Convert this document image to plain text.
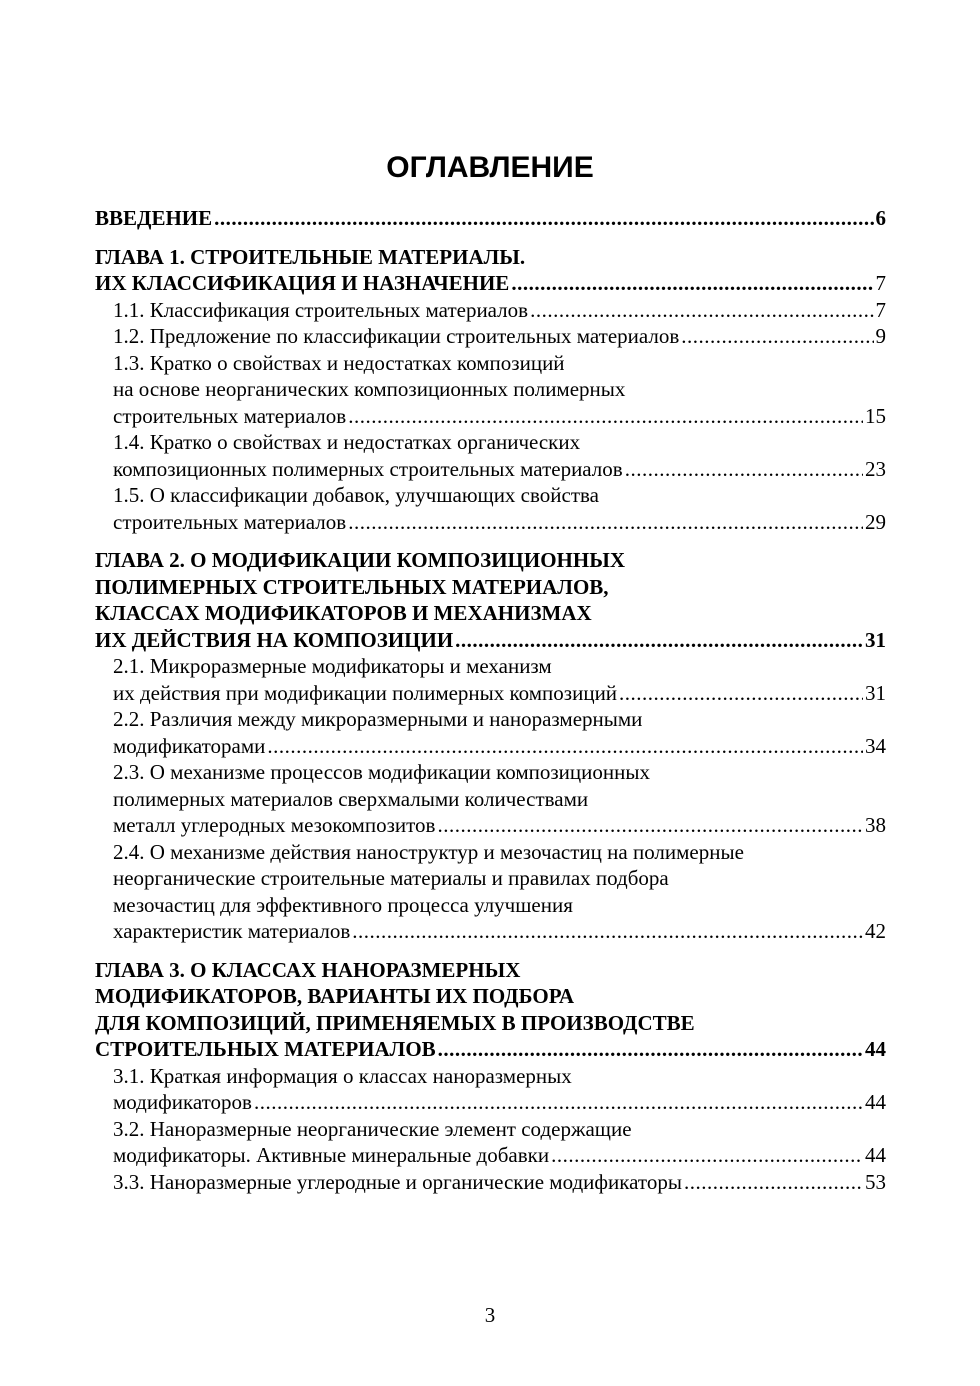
ОГЛАВЛЕНИЕ
ВВЕДЕНИЕ .....	6
ГЛАВА 1. СТРОИТЕЛЬНЫЕ МАТЕРИАЛЫ.
ИХ КЛАССИФИКАЦИЯ И НАЗНАЧЕНИЕ .....	7
1.1. Классификация строительных материалов .....	7
1.2. Предложение по классификации строительных материалов .....	9
1.3. Кратко о свойствах и недостатках композиций
на основе неорганических композиционных полимерных
строительных материалов .....	15
1.4. Кратко о свойствах и недостатках органических
композиционных полимерных строительных материалов .....	23
1.5. О классификации добавок, улучшающих свойства
строительных материалов .....	29
ГЛАВА 2. О МОДИФИКАЦИИ КОМПОЗИЦИОННЫХ
ПОЛИМЕРНЫХ СТРОИТЕЛЬНЫХ МАТЕРИАЛОВ,
КЛАССАХ МОДИФИКАТОРОВ И МЕХАНИЗМАХ
ИХ ДЕЙСТВИЯ НА КОМПОЗИЦИИ .....	31
2.1. Микроразмерные модификаторы и механизм
их действия при модификации полимерных композиций .....	31
2.2. Различия между микроразмерными и наноразмерными
модификаторами .....	34
2.3. О механизме процессов модификации композиционных
полимерных материалов сверхмалыми количествами
металл углеродных мезокомпозитов .....	38
2.4. О механизме действия наноструктур и мезочастиц на полимерные
неорганические строительные материалы и правилах подбора
мезочастиц для эффективного процесса улучшения
характеристик материалов .....	42
ГЛАВА 3. О КЛАССАХ НАНОРАЗМЕРНЫХ
МОДИФИКАТОРОВ, ВАРИАНТЫ ИХ ПОДБОРА
ДЛЯ КОМПОЗИЦИЙ, ПРИМЕНЯЕМЫХ В ПРОИЗВОДСТВЕ
СТРОИТЕЛЬНЫХ МАТЕРИАЛОВ .....	44
3.1. Краткая информация о классах наноразмерных
модификаторов .....	44
3.2. Наноразмерные неорганические элемент содержащие
модификаторы. Активные минеральные добавки .....	44
3.3. Наноразмерные углеродные и органические модификаторы .....	53
3
